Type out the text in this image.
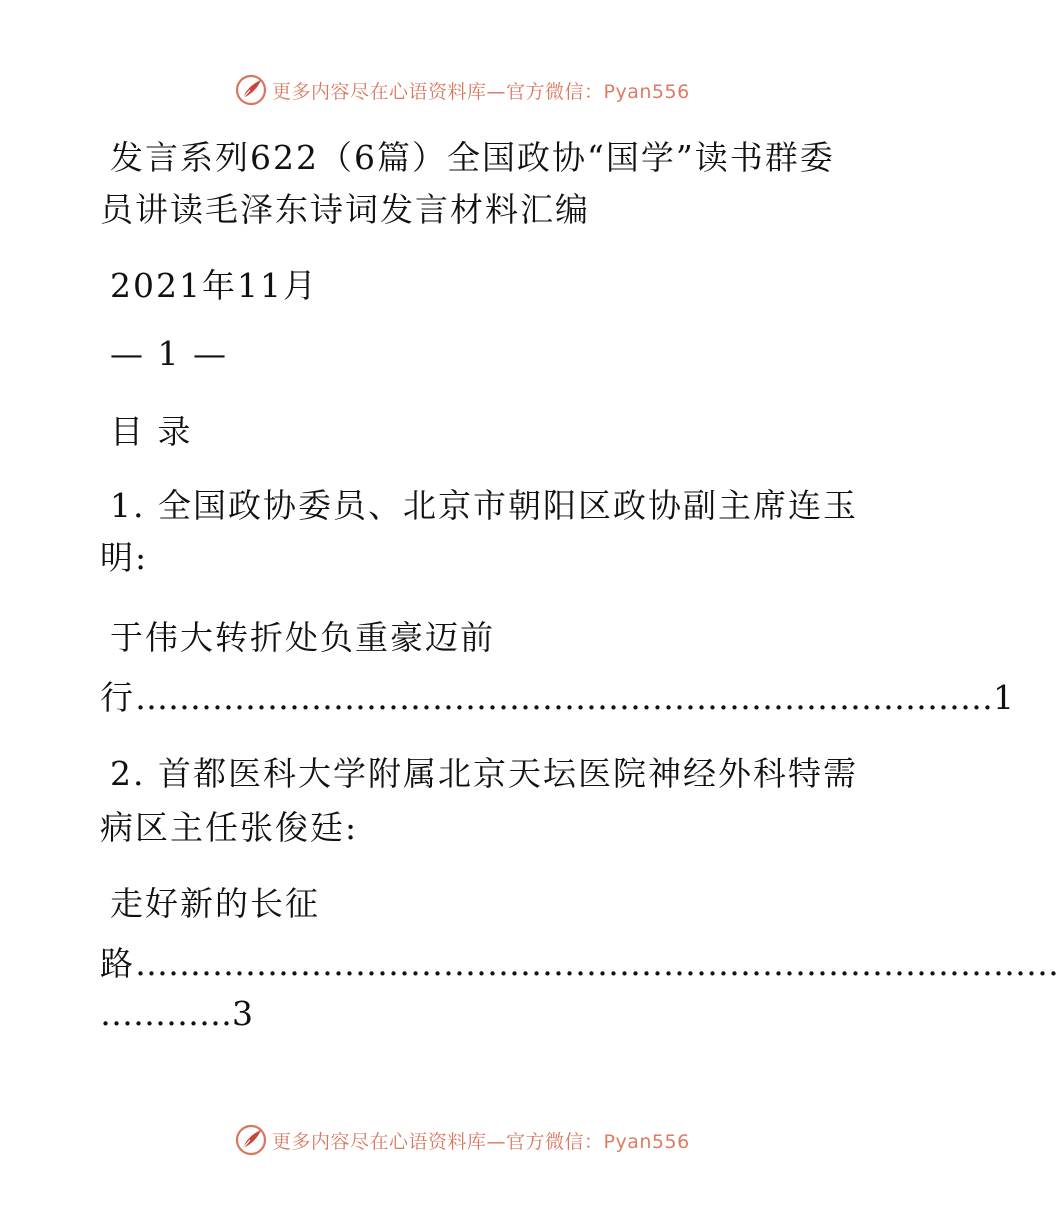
更多内容尽在心语资料库—官方微信：Pyan556
发言系列622（6篇）全国政协“国学”读书群委
员讲读毛泽东诗词发言材料汇编
2021年11月
— 1 —
目 录
1. 全国政协委员、北京市朝阳区政协副主席连玉
明:
于伟大转折处负重豪迈前
行……………………………………………………………………1
2. 首都医科大学附属北京天坛医院神经外科特需
病区主任张俊廷:
走好新的长征
路…………………………………………………………………………
…………3
更多内容尽在心语资料库—官方微信：Pyan556
